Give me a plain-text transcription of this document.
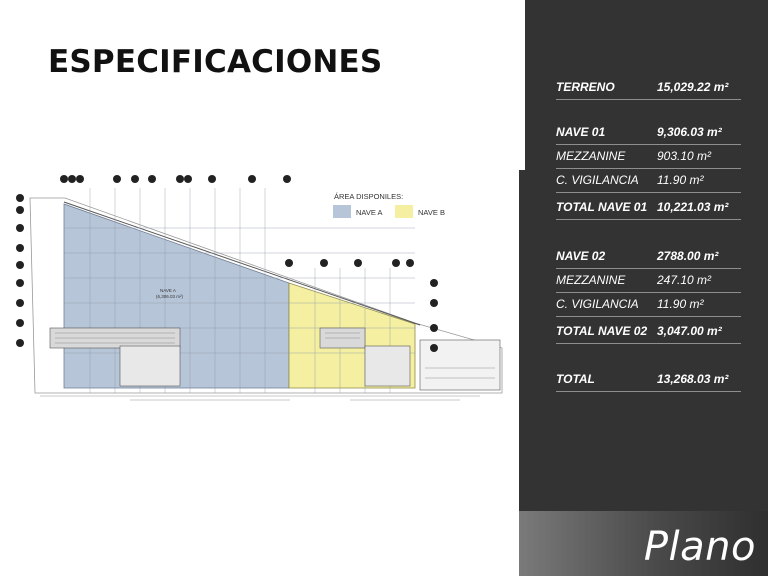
ESPECIFICACIONES
ÁREA DISPONILES:
NAVE A	NAVE B
NAVE A
(6,306.03 m²)
TERRENO	15,029.22 m²
NAVE 01	9,306.03 m²
MEZZANINE	903.10 m²
C. VIGILANCIA 11.90 m²
TOTAL NAVE 01 10,221.03 m²
NAVE 02	2788.00 m²
MEZZANINE	247.10 m²
C. VIGILANCIA 11.90 m²
TOTAL NAVE 02 3,047.00 m²
TOTAL	13,268.03 m²
Plano
